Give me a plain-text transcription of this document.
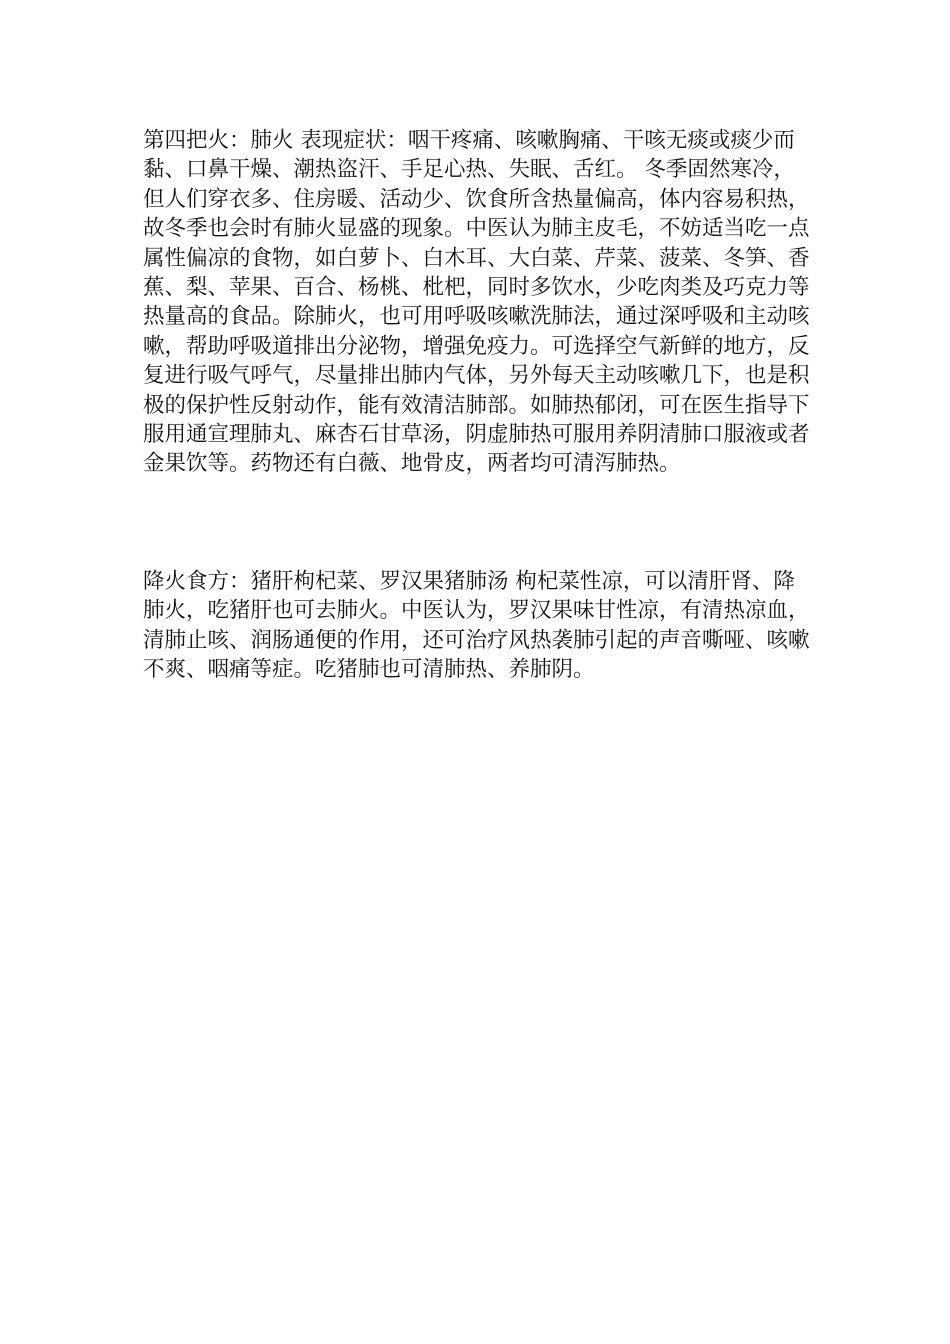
第四把火：肺火 表现症状：咽干疼痛、咳嗽胸痛、干咳无痰或痰少而黏、口鼻干燥、潮热盗汗、手足心热、失眠、舌红。 冬季固然寒冷，但人们穿衣多、住房暖、活动少、饮食所含热量偏高，体内容易积热，故冬季也会时有肺火显盛的现象。中医认为肺主皮毛，不妨适当吃一点属性偏凉的食物，如白萝卜、白木耳、大白菜、芹菜、菠菜、冬笋、香蕉、梨、苹果、百合、杨桃、枇杷，同时多饮水，少吃肉类及巧克力等热量高的食品。除肺火，也可用呼吸咳嗽洗肺法，通过深呼吸和主动咳嗽，帮助呼吸道排出分泌物，增强免疫力。可选择空气新鲜的地方，反复进行吸气呼气，尽量排出肺内气体，另外每天主动咳嗽几下，也是积极的保护性反射动作，能有效清洁肺部。如肺热郁闭，可在医生指导下服用通宣理肺丸、麻杏石甘草汤，阴虚肺热可服用养阴清肺口服液或者金果饮等。药物还有白薇、地骨皮，两者均可清泻肺热。

降火食方：猪肝枸杞菜、罗汉果猪肺汤 枸杞菜性凉，可以清肝肾、降肺火，吃猪肝也可去肺火。中医认为，罗汉果味甘性凉，有清热凉血，清肺止咳、润肠通便的作用，还可治疗风热袭肺引起的声音嘶哑、咳嗽不爽、咽痛等症。吃猪肺也可清肺热、养肺阴。
